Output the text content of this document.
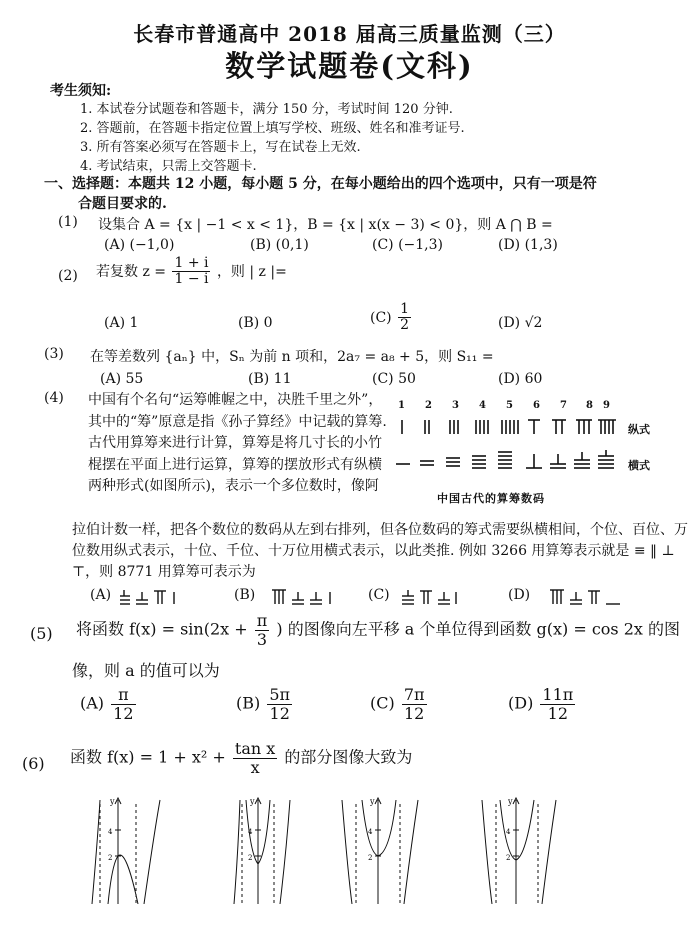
长春市普通高中 2018 届高三质量监测（三）
数学试题卷(文科)
考生须知:
1. 本试卷分试题卷和答题卡，满分 150 分，考试时间 120 分钟.
2. 答题前，在答题卡指定位置上填写学校、班级、姓名和准考证号.
3. 所有答案必须写在答题卡上，写在试卷上无效.
4. 考试结束，只需上交答题卡.
一、选择题：本题共 12 小题，每小题 5 分，在每小题给出的四个选项中，只有一项是符
合题目要求的.
(1) 设集合 A = {x | −1 < x < 1}，B = {x | x(x − 3) < 0}，则 A ⋂ B =
(A) (−1,0)	(B) (0,1)	(C) (−1,3)	(D) (1,3)
(2) 若复数 $z = \frac{1 + i}{1 - i}$ ，则 | z |=
(A) 1	(B) 0	$(C) \frac{1}{2}$	(D) √2
(3) 在等差数列 {aₙ} 中，Sₙ 为前 n 项和，2a₇ = a₈ + 5，则 S₁₁ =
(A) 55	(B) 11	(C) 50	(D) 60
(4) 中国有个名句“运筹帷幄之中，决胜千里之外”，其中的“筹”原意是指《孙子算经》中记载的算筹. 古代用算筹来进行计算，算筹是将几寸长的小竹棍摆在平面上进行运算，算筹的摆放形式有纵横两种形式(如图所示)，表示一个多位数时，像阿
1 2 3 4 5 6 7 8 9
纵式
横式
中国古代的算筹数码
拉伯计数一样，把各个数位的数码从左到右排列，但各位数码的筹式需要纵横相间，个位、百位、万位数用纵式表示，十位、千位、十万位用横式表示，以此类推. 例如 3266 用算筹表示就是 ≡ ‖ ⊥ ⊤，则 8771 用算筹可表示为
(A)	(B)	(C)	(D)
(5) 将函数 $f(x) = \sin(2x + \frac{\pi}{3}$ ) 的图像向左平移 a 个单位得到函数 g(x) = cos 2x 的图
像，则 a 的值可以为
$(A) \frac{\pi}{12}$	$(B) \frac{5\pi}{12}$	$(C) \frac{7\pi}{12}$	$(D) \frac{11\pi}{12}$
(6) 函数 $f(x) = 1 + x^2 + \frac{\text{tan x}}{x}$ 的部分图像大致为
y
4
2
y
4
2
y
4
2
y
4
2
